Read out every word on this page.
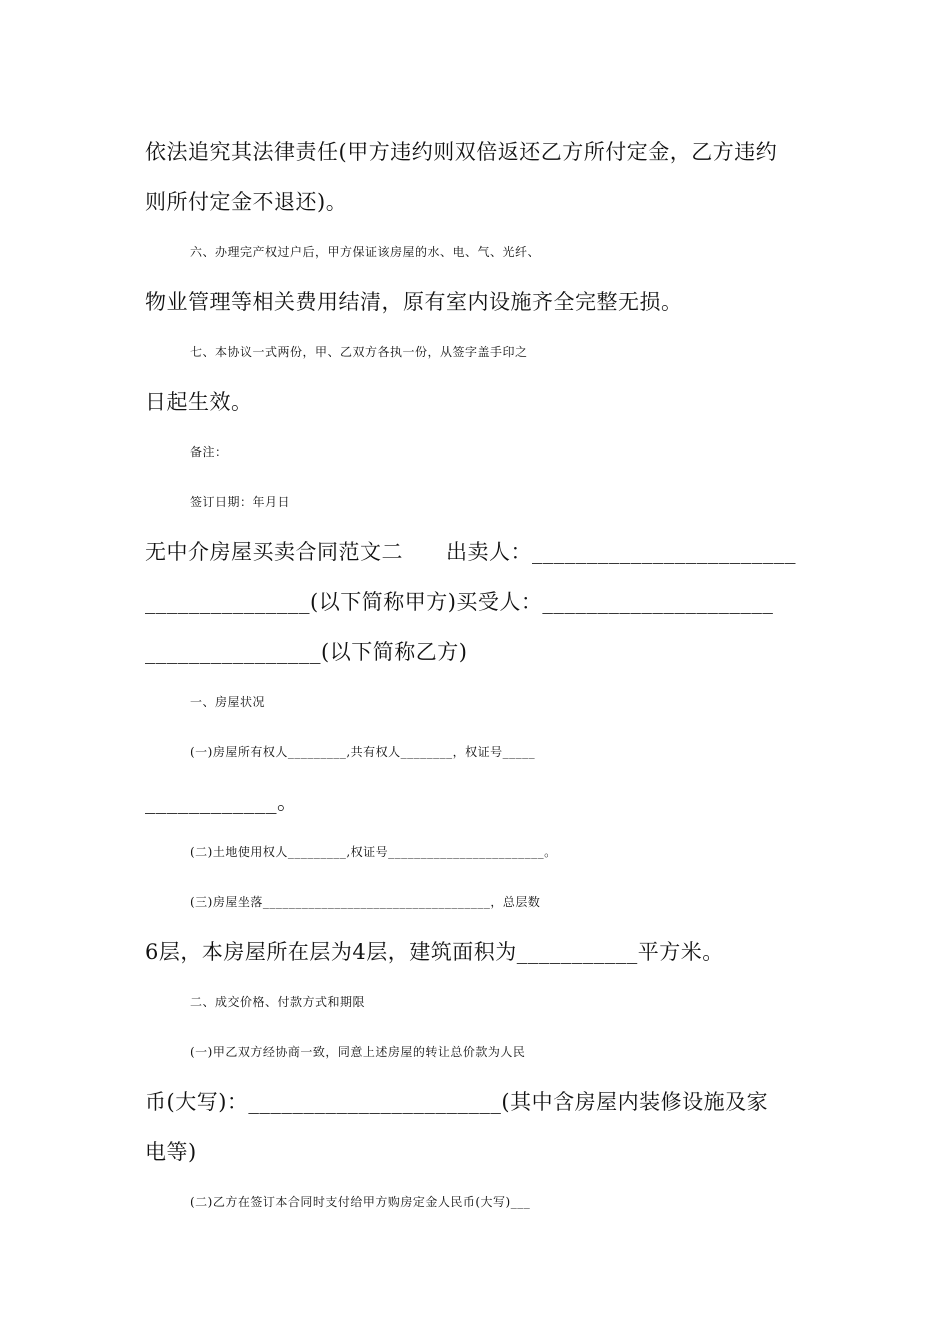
依法追究其法律责任(甲方违约则双倍返还乙方所付定金，乙方违约
则所付定金不退还)。
六、办理完产权过户后，甲方保证该房屋的水、电、气、光纤、
物业管理等相关费用结清，原有室内设施齐全完整无损。
七、本协议一式两份，甲、乙双方各执一份，从签字盖手印之
日起生效。
备注：
签订日期：年月日
无中介房屋买卖合同范文二　　出卖人：________________________
_______________(以下简称甲方)买受人：_____________________
________________(以下简称乙方)
一、房屋状况
(一)房屋所有权人_________,共有权人________，权证号_____
____________。
(二)土地使用权人_________,权证号________________________。
(三)房屋坐落___________________________________，总层数
6层，本房屋所在层为4层，建筑面积为___________平方米。
二、成交价格、付款方式和期限
(一)甲乙双方经协商一致，同意上述房屋的转让总价款为人民
币(大写)：_______________________(其中含房屋内装修设施及家
电等)
(二)乙方在签订本合同时支付给甲方购房定金人民币(大写)___
